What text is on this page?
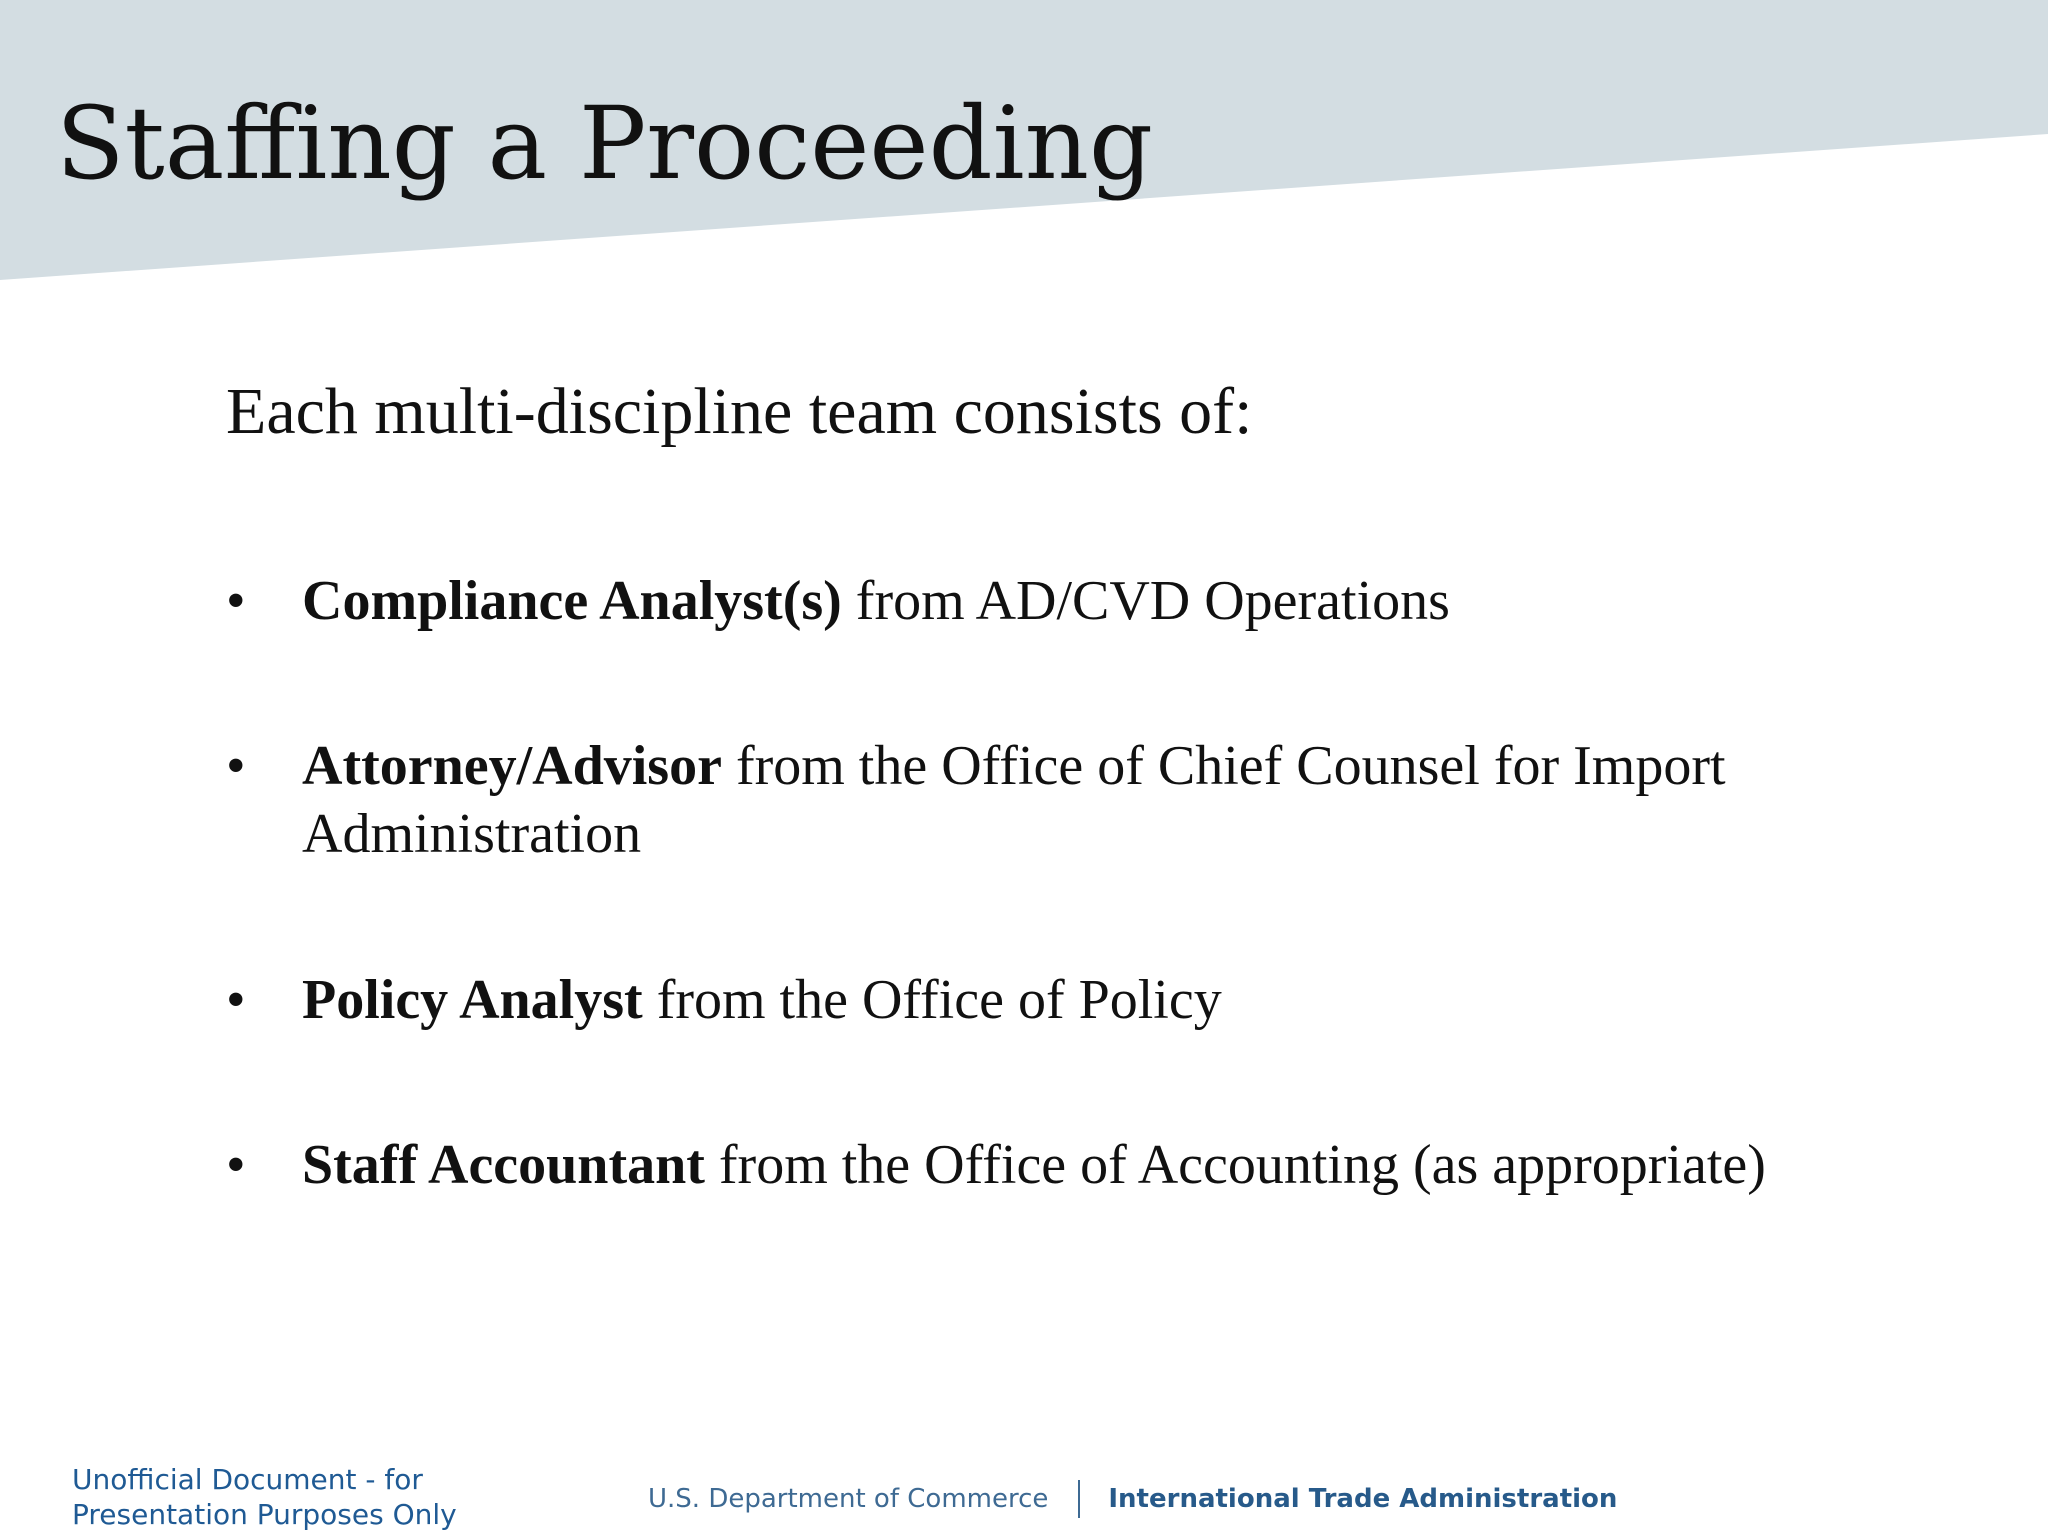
Staffing a Proceeding

Each multi-discipline team consists of:

•	Compliance Analyst(s) from AD/CVD Operations
•	Attorney/Advisor from the Office of Chief Counsel for Import Administration
•	Policy Analyst from the Office of Policy
•	Staff Accountant from the Office of Accounting (as appropriate)
Unofficial Document - for
Presentation Purposes Only	U.S. Department of Commerce International Trade Administration
